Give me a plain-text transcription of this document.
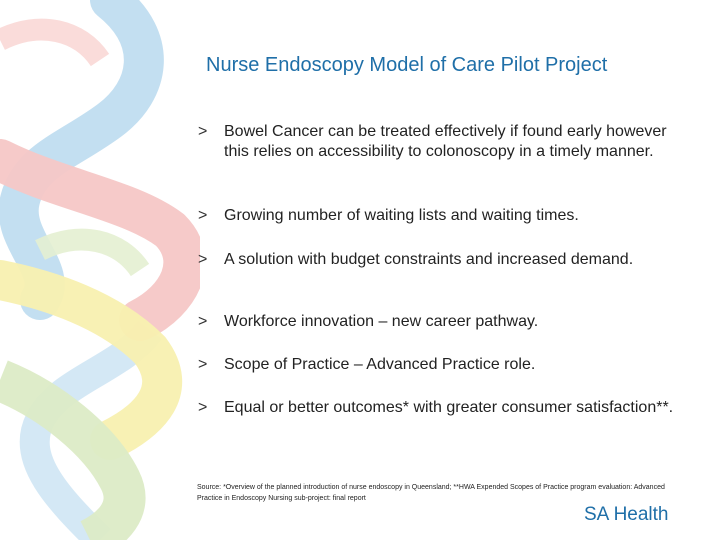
Nurse Endoscopy Model of Care Pilot Project
> Bowel Cancer can be treated effectively if found early however this relies on accessibility to colonoscopy in a timely manner.
> Growing number of waiting lists and waiting times.
> A solution with budget constraints and increased demand.
> Workforce innovation – new career pathway.
> Scope of Practice – Advanced Practice role.
> Equal or better outcomes* with greater consumer satisfaction**.
Source: *Overview of the planned introduction of nurse endoscopy in Queensland; **HWA Expended Scopes of Practice program evaluation: Advanced Practice in Endoscopy Nursing sub-project: final report
SA Health
